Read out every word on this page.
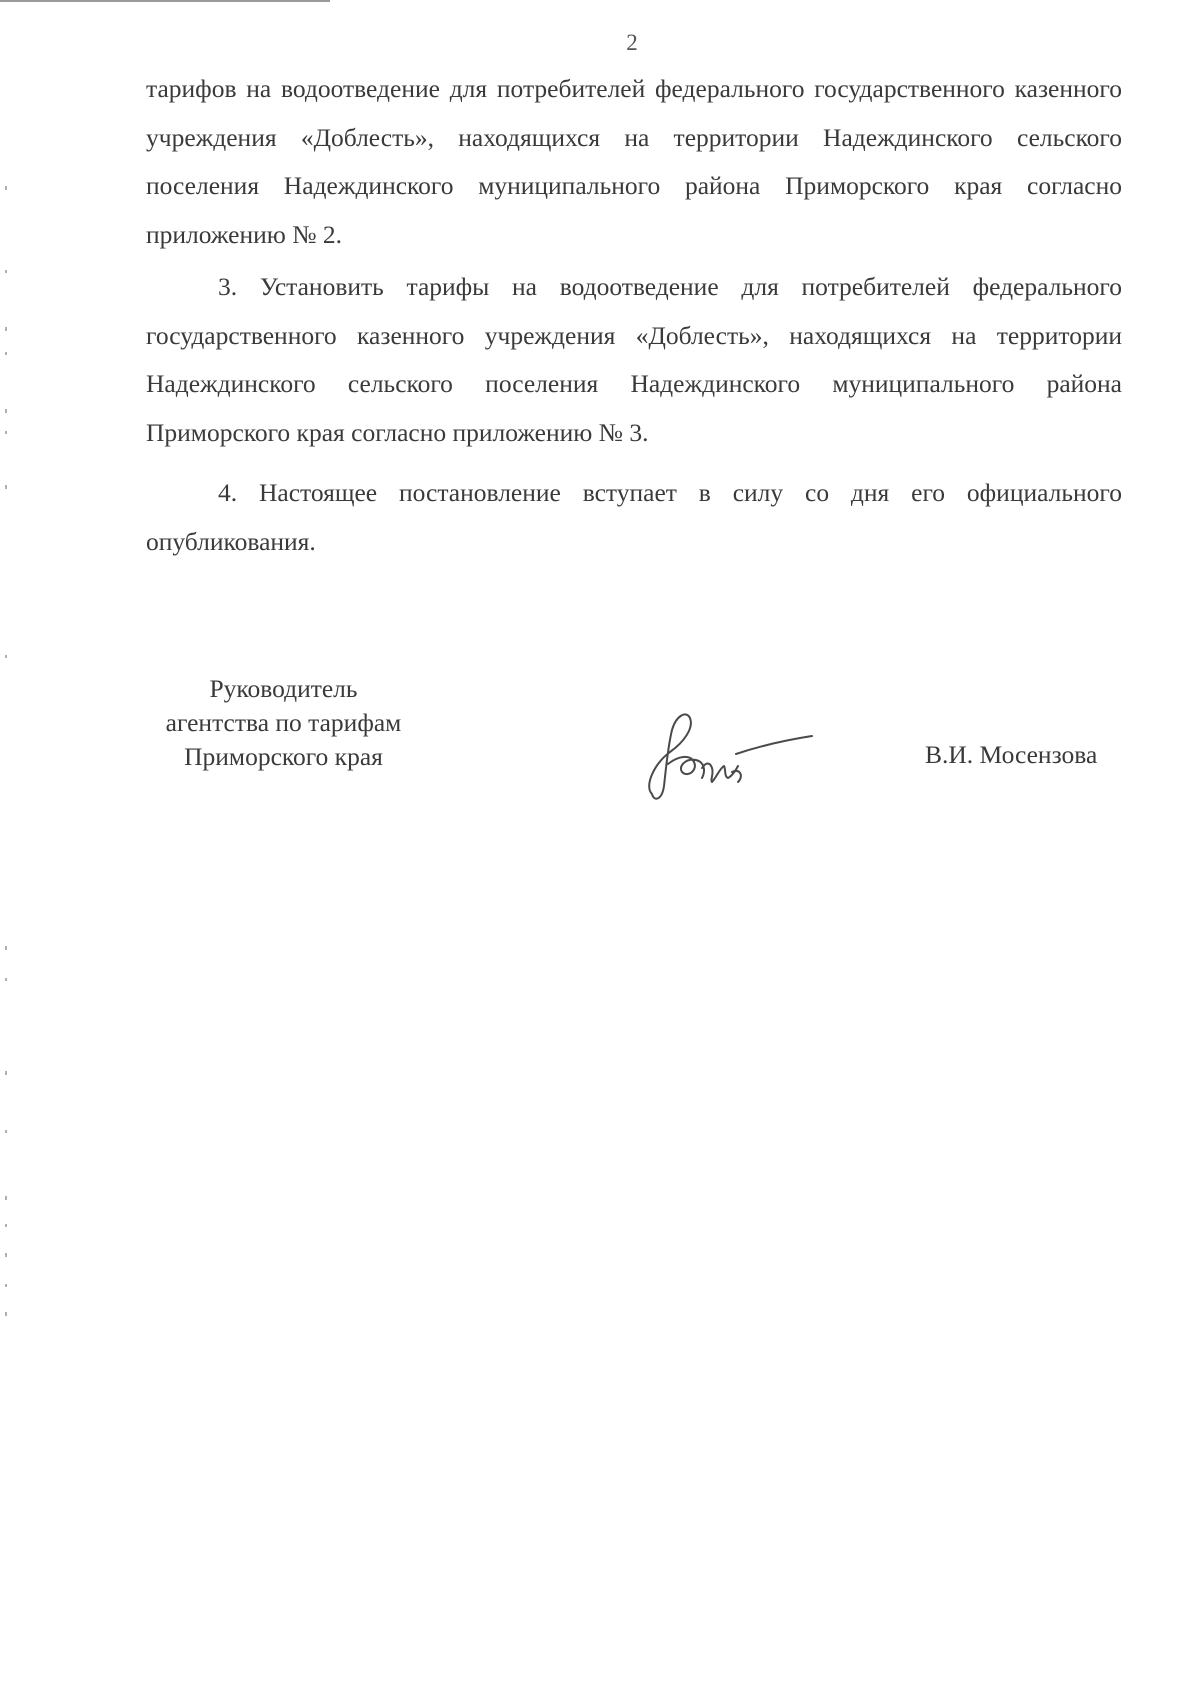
2

тарифов на водоотведение для потребителей федерального государственного казенного учреждения «Доблесть», находящихся на территории Надеждинского сельского поселения Надеждинского муниципального района Приморского края согласно приложению № 2.

3. Установить тарифы на водоотведение для потребителей федерального государственного казенного учреждения «Доблесть», находящихся на территории Надеждинского сельского поселения Надеждинского муниципального района Приморского края согласно приложению № 3.

4. Настоящее постановление вступает в силу со дня его официального опубликования.

Руководитель
агентства по тарифам
Приморского края	В.И. Мосензова
